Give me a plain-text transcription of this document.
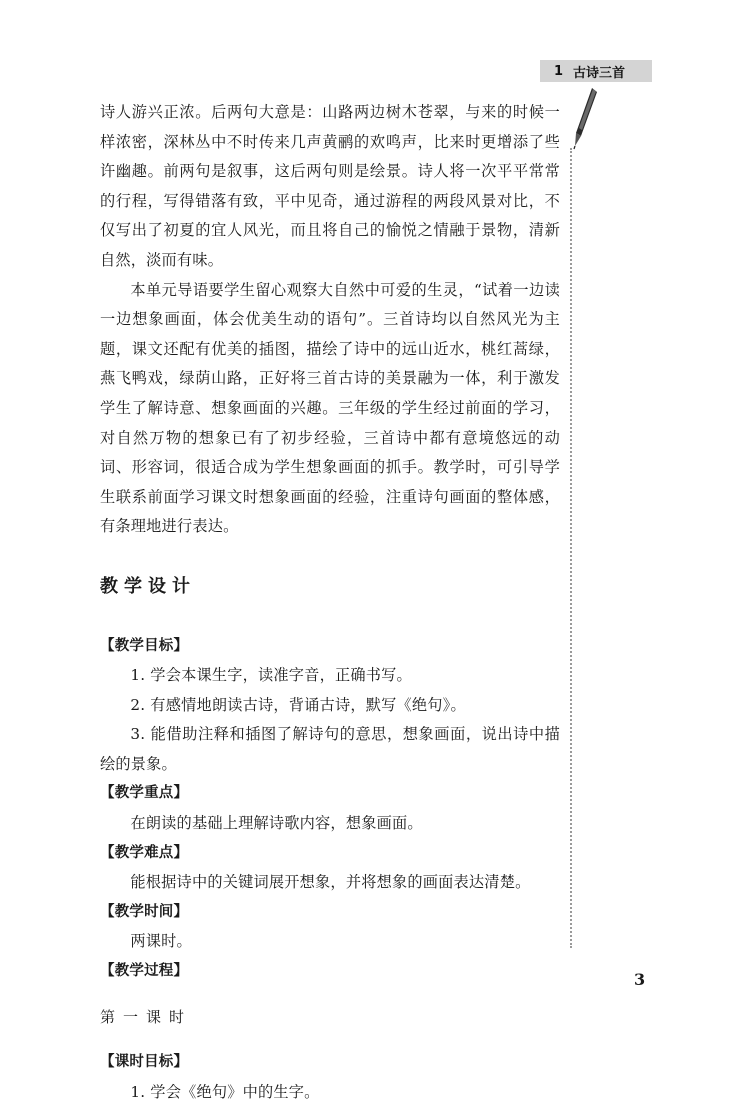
1 古诗三首

诗人游兴正浓。后两句大意是：山路两边树木苍翠，与来的时候一样浓密，深林丛中不时传来几声黄鹂的欢鸣声，比来时更增添了些许幽趣。前两句是叙事，这后两句则是绘景。诗人将一次平平常常的行程，写得错落有致，平中见奇，通过游程的两段风景对比，不仅写出了初夏的宜人风光，而且将自己的愉悦之情融于景物，清新自然，淡而有味。

本单元导语要学生留心观察大自然中可爱的生灵，“试着一边读一边想象画面，体会优美生动的语句”。三首诗均以自然风光为主题，课文还配有优美的插图，描绘了诗中的远山近水，桃红蒿绿，燕飞鸭戏，绿荫山路，正好将三首古诗的美景融为一体，利于激发学生了解诗意、想象画面的兴趣。三年级的学生经过前面的学习，对自然万物的想象已有了初步经验，三首诗中都有意境悠远的动词、形容词，很适合成为学生想象画面的抓手。教学时，可引导学生联系前面学习课文时想象画面的经验，注重诗句画面的整体感，有条理地进行表达。

教学设计

【教学目标】

1. 学会本课生字，读准字音，正确书写。

2. 有感情地朗读古诗，背诵古诗，默写《绝句》。

3. 能借助注释和插图了解诗句的意思，想象画面，说出诗中描绘的景象。

【教学重点】

在朗读的基础上理解诗歌内容，想象画面。

【教学难点】

能根据诗中的关键词展开想象，并将想象的画面表达清楚。

【教学时间】

两课时。

【教学过程】

第一课时

【课时目标】

1. 学会《绝句》中的生字。

3
